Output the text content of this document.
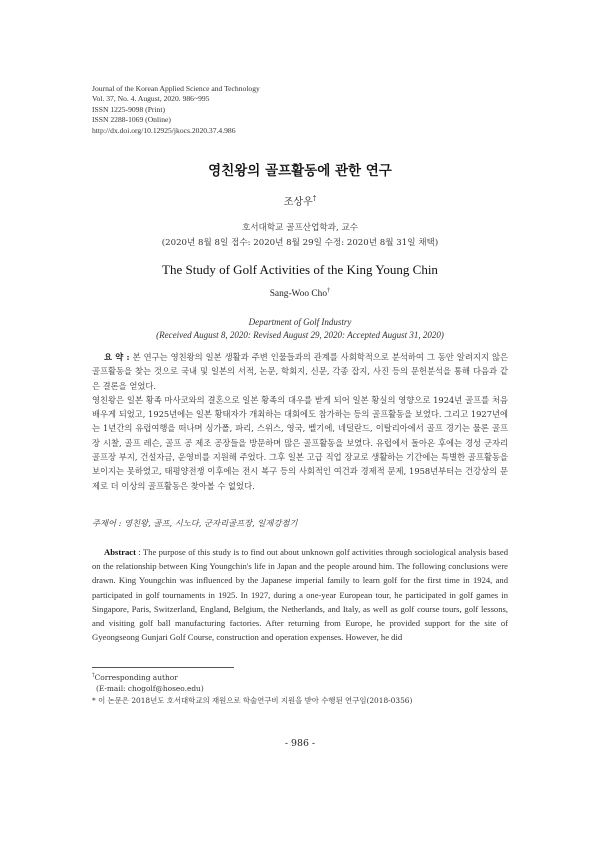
Journal of the Korean Applied Science and Technology
Vol. 37, No. 4. August, 2020. 986~995
ISSN 1225-9098 (Print)
ISSN 2288-1069 (Online)
http://dx.doi.org/10.12925/jkocs.2020.37.4.986
영친왕의 골프활동에 관한 연구
조상우†
호서대학교 골프산업학과, 교수
(2020년 8월 8일 접수: 2020년 8월 29일 수정: 2020년 8월 31일 채택)
The Study of Golf Activities of the King Young Chin
Sang-Woo Cho†
Department of Golf Industry
(Received August 8, 2020: Revised August 29, 2020: Accepted August 31, 2020)

요 약 : 본 연구는 영친왕의 일본 생활과 주변 인물들과의 관계를 사회학적으로 분석하여 그 동안 알려지지 않은 골프활동을 찾는 것으로 국내 및 일본의 서적, 논문, 학회지, 신문, 각종 잡지, 사진 등의 문헌분석을 통해 다음과 같은 결론을 얻었다.

영친왕은 일본 황족 마사코와의 결혼으로 일본 황족의 대우를 받게 되어 일본 황실의 영향으로 1924년 골프를 처음 배우게 되었고, 1925년에는 일본 황태자가 개최하는 대회에도 참가하는 등의 골프활동을 보였다. 그리고 1927년에는 1년간의 유럽여행을 떠나며 싱가폴, 파리, 스위스, 영국, 벨기에, 네덜란드, 이탈리아에서 골프 경기는 물론 골프장 시찰, 골프 레슨, 골프 공 제조 공장들을 방문하며 많은 골프활동을 보였다. 유럽에서 돌아온 후에는 경성 군자리골프장 부지, 건설자금, 운영비를 지원해 주었다. 그후 일본 고급 직업 장교로 생활하는 기간에는 특별한 골프활동을 보이지는 못하였고, 태평양전쟁 이후에는 전시 복구 등의 사회적인 여건과 경제적 문제, 1958년부터는 건강상의 문제로 더 이상의 골프활동은 찾아볼 수 없었다.

주제어 : 영친왕, 골프, 시노다, 군자리골프장, 일제강점기

Abstract : The purpose of this study is to find out about unknown golf activities through sociological analysis based on the relationship between King Youngchin's life in Japan and the people around him. The following conclusions were drawn. King Youngchin was influenced by the Japanese imperial family to learn golf for the first time in 1924, and participated in golf tournaments in 1925. In 1927, during a one-year European tour, he participated in golf games in Singapore, Paris, Switzerland, England, Belgium, the Netherlands, and Italy, as well as golf course tours, golf lessons, and visiting golf ball manufacturing factories. After returning from Europe, he provided support for the site of Gyeongseong Gunjari Golf Course, construction and operation expenses. However, he did

†Corresponding author
(E-mail: chogolf@hoseo.edu)
* 이 논문은 2018년도 호서대학교의 재원으로 학술연구비 지원을 받아 수행된 연구임(2018-0356)
- 986 -
